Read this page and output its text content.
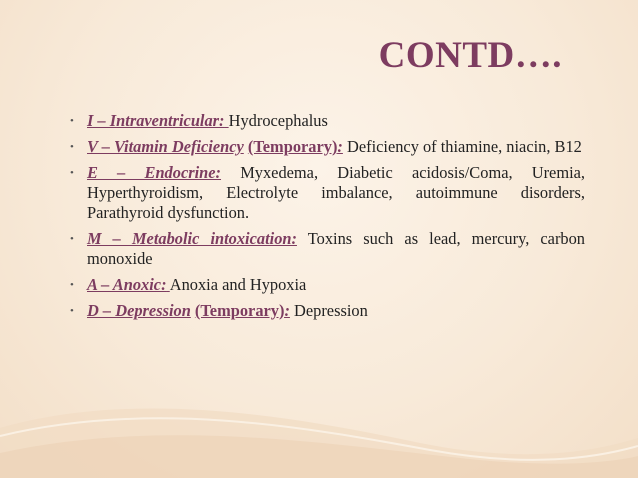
CONTD….
• I – Intraventricular: Hydrocephalus
• V – Vitamin Deficiency (Temporary): Deficiency of thiamine, niacin, B12
• E – Endocrine: Myxedema, Diabetic acidosis/Coma, Uremia, Hyperthyroidism, Electrolyte imbalance, autoimmune disorders, Parathyroid dysfunction.
• M – Metabolic intoxication: Toxins such as lead, mercury, carbon monoxide
• A – Anoxic: Anoxia and Hypoxia
• D – Depression (Temporary): Depression
